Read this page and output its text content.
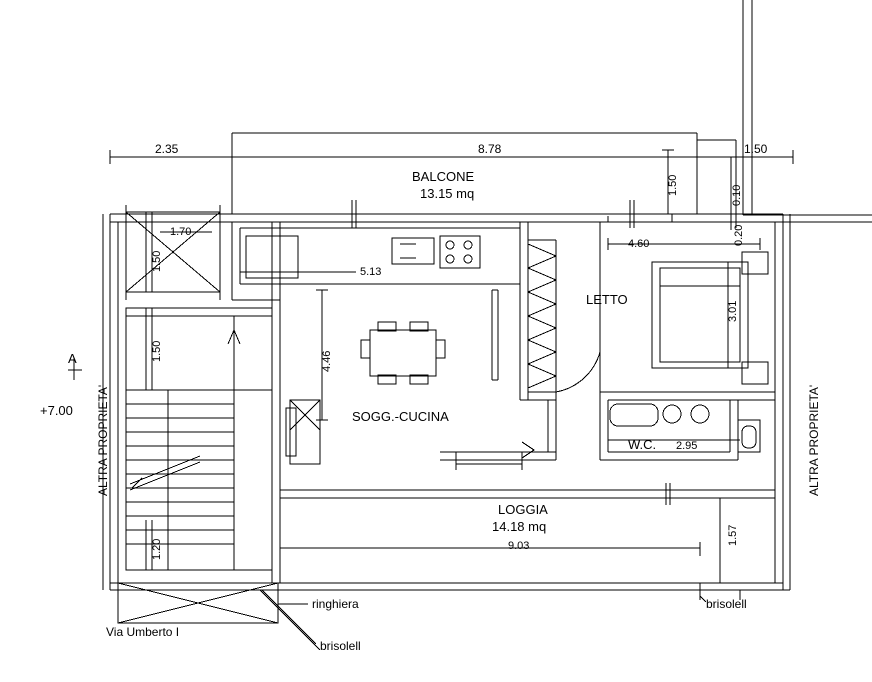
2.35	8.78	1.50
BALCONE
13.15 mq	1.50	0.10
0.20
1.70
1.50
1.50
1.20
5.13
4.46
SOGG.-CUCINA
LETTO
4.60
3.01
W.C. 2.95
LOGGIA
14.18 mq
9.03	1.57
+7.00
A
ALTRA PROPRIETA'	ALTRA PROPRIETA'
ringhiera
brisolell
brisolell
Via Umberto I
